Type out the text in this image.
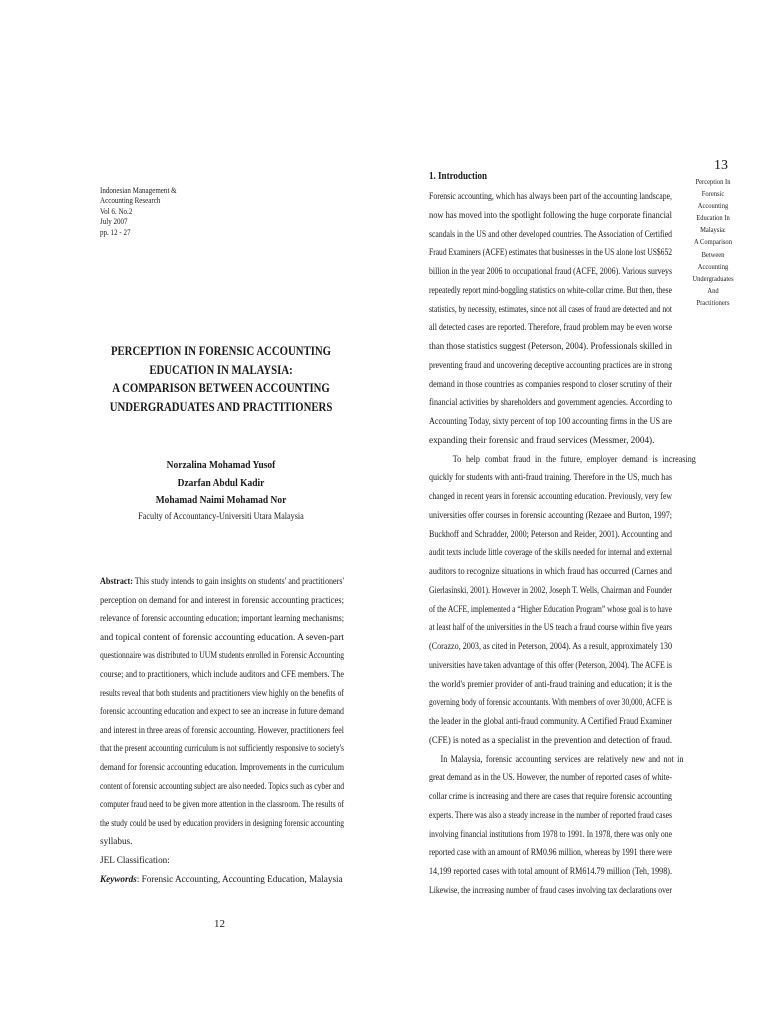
Indonesian Management &
Accounting Research
Vol 6. No.2
July 2007
pp. 12 - 27
PERCEPTION IN FORENSIC ACCOUNTING
EDUCATION IN MALAYSIA:
A COMPARISON BETWEEN ACCOUNTING
UNDERGRADUATES AND PRACTITIONERS
Norzalina Mohamad Yusof
Dzarfan Abdul Kadir
Mohamad Naimi Mohamad Nor
Faculty of Accountancy-Universiti Utara Malaysia
Abstract: This study intends to gain insights on students' and practitioners'
perception on demand for and interest in forensic accounting practices;
relevance of forensic accounting education; important learning mechanisms;
and topical content of forensic accounting education. A seven-part
questionnaire was distributed to UUM students enrolled in Forensic Accounting
course; and to practitioners, which include auditors and CFE members. The
results reveal that both students and practitioners view highly on the benefits of
forensic accounting education and expect to see an increase in future demand
and interest in three areas of forensic accounting. However, practitioners feel
that the present accounting curriculum is not sufficiently responsive to society's
demand for forensic accounting education. Improvements in the curriculum
content of forensic accounting subject are also needed. Topics such as cyber and
computer fraud need to be given more attention in the classroom. The results of
the study could be used by education providers in designing forensic accounting
syllabus.
JEL Classification:
Keywords: Forensic Accounting, Accounting Education, Malaysia
12
13
Perception In
Forensic
Accounting
Education In
Malaysia:
A Comparison
Between
Accounting
Undergraduates
And
Practitioners
1. Introduction
Forensic accounting, which has always been part of the accounting landscape,
now has moved into the spotlight following the huge corporate financial
scandals in the US and other developed countries. The Association of Certified
Fraud Examiners (ACFE) estimates that businesses in the US alone lost US$652
billion in the year 2006 to occupational fraud (ACFE, 2006). Various surveys
repeatedly report mind-boggling statistics on white-collar crime. But then, these
statistics, by necessity, estimates, since not all cases of fraud are detected and not
all detected cases are reported. Therefore, fraud problem may be even worse
than those statistics suggest (Peterson, 2004). Professionals skilled in
preventing fraud and uncovering deceptive accounting practices are in strong
demand in those countries as companies respond to closer scrutiny of their
financial activities by shareholders and government agencies. According to
Accounting Today, sixty percent of top 100 accounting firms in the US are
expanding their forensic and fraud services (Messmer, 2004).
To help combat fraud in the future, employer demand is increasing
quickly for students with anti-fraud training. Therefore in the US, much has
changed in recent years in forensic accounting education. Previously, very few
universities offer courses in forensic accounting (Rezaee and Burton, 1997;
Buckhoff and Schradder, 2000; Peterson and Reider, 2001). Accounting and
audit texts include little coverage of the skills needed for internal and external
auditors to recognize situations in which fraud has occurred (Carnes and
Gierlasinski, 2001). However in 2002, Joseph T. Wells, Chairman and Founder
of the ACFE, implemented a “Higher Education Program” whose goal is to have
at least half of the universities in the US teach a fraud course within five years
(Corazzo, 2003, as cited in Peterson, 2004). As a result, approximately 130
universities have taken advantage of this offer (Peterson, 2004). The ACFE is
the world's premier provider of anti-fraud training and education; it is the
governing body of forensic accountants. With members of over 30,000, ACFE is
the leader in the global anti-fraud community. A Certified Fraud Examiner
(CFE) is noted as a specialist in the prevention and detection of fraud.
In Malaysia, forensic accounting services are relatively new and not in
great demand as in the US. However, the number of reported cases of white-
collar crime is increasing and there are cases that require forensic accounting
experts. There was also a steady increase in the number of reported fraud cases
involving financial institutions from 1978 to 1991. In 1978, there was only one
reported case with an amount of RM0.96 million, whereas by 1991 there were
14,199 reported cases with total amount of RM614.79 million (Teh, 1998).
Likewise, the increasing number of fraud cases involving tax declarations over
